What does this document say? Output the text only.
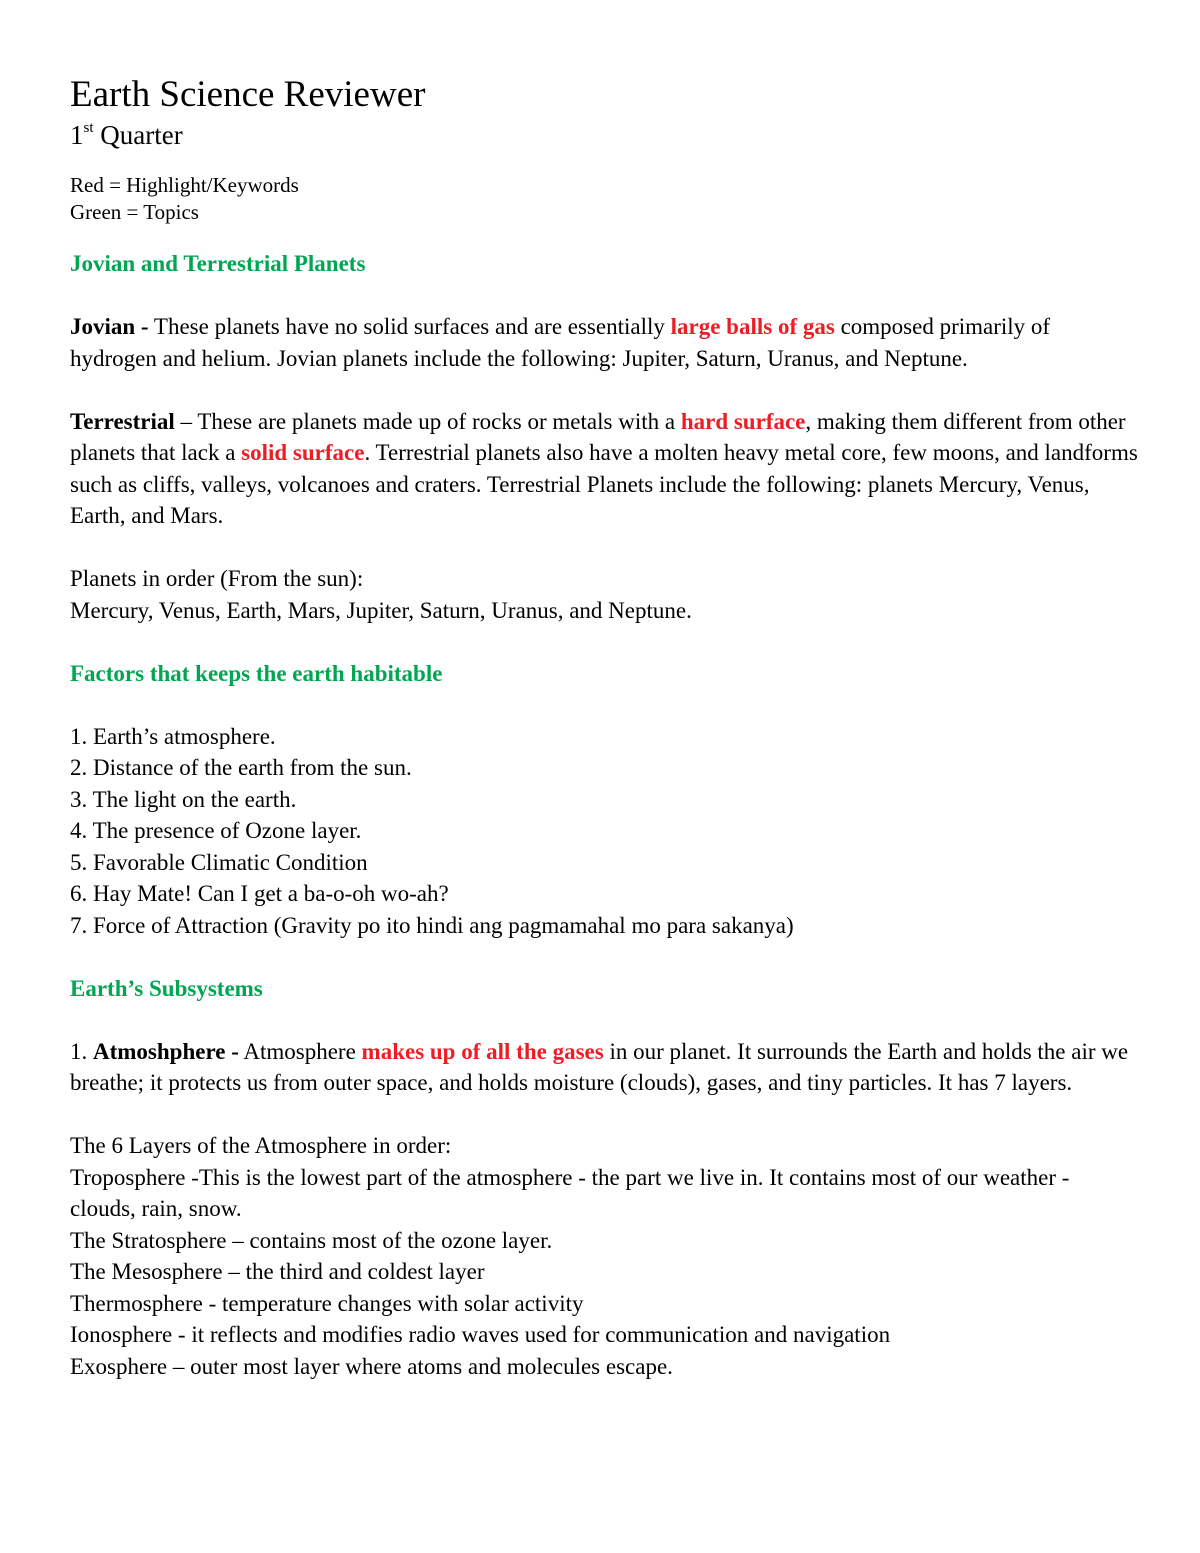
Earth Science Reviewer

1st Quarter

Red = Highlight/Keywords

Green = Topics

Jovian and Terrestrial Planets

Jovian - These planets have no solid surfaces and are essentially large balls of gas composed primarily of hydrogen and helium. Jovian planets include the following: Jupiter, Saturn, Uranus, and Neptune.

Terrestrial – These are planets made up of rocks or metals with a hard surface, making them different from other planets that lack a solid surface. Terrestrial planets also have a molten heavy metal core, few moons, and landforms such as cliffs, valleys, volcanoes and craters. Terrestrial Planets include the following: planets Mercury, Venus, Earth, and Mars.

Planets in order (From the sun):

Mercury, Venus, Earth, Mars, Jupiter, Saturn, Uranus, and Neptune.

Factors that keeps the earth habitable

1. Earth’s atmosphere.
2. Distance of the earth from the sun.
3. The light on the earth.
4. The presence of Ozone layer.
5. Favorable Climatic Condition
6. Hay Mate! Can I get a ba-o-oh wo-ah?
7. Force of Attraction (Gravity po ito hindi ang pagmamahal mo para sakanya)

Earth’s Subsystems

1. Atmoshphere - Atmosphere makes up of all the gases in our planet. It surrounds the Earth and holds the air we breathe; it protects us from outer space, and holds moisture (clouds), gases, and tiny particles. It has 7 layers.

The 6 Layers of the Atmosphere in order:

Troposphere -This is the lowest part of the atmosphere - the part we live in. It contains most of our weather - clouds, rain, snow.
The Stratosphere – contains most of the ozone layer.
The Mesosphere – the third and coldest layer
Thermosphere - temperature changes with solar activity
Ionosphere - it reflects and modifies radio waves used for communication and navigation
Exosphere – outer most layer where atoms and molecules escape.
